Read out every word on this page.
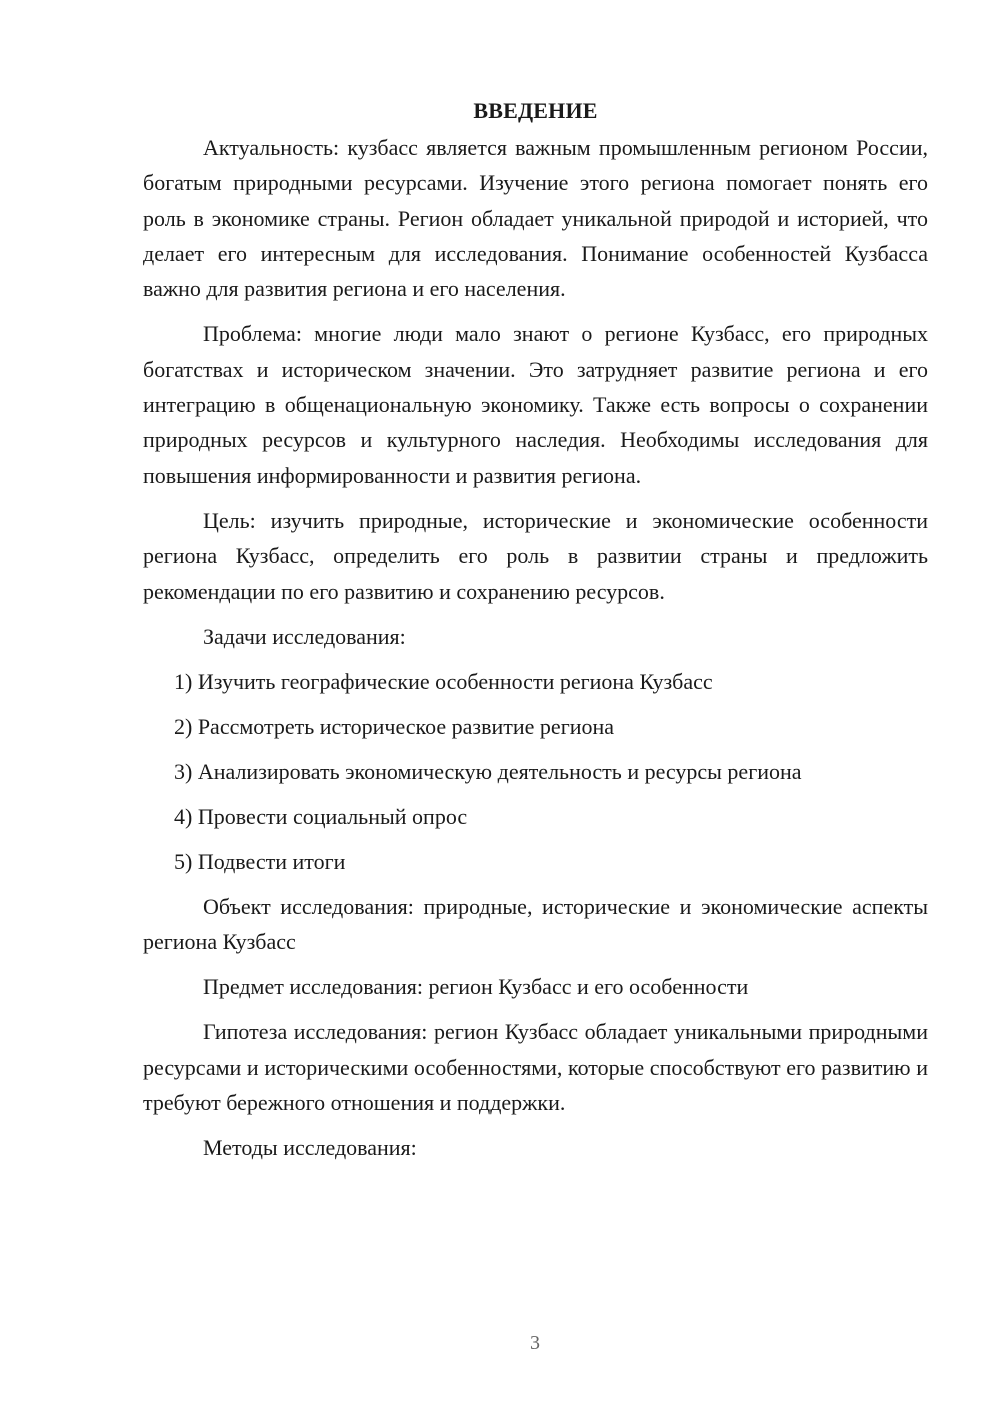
ВВЕДЕНИЕ

Актуальность: кузбасс является важным промышленным регионом России, богатым природными ресурсами. Изучение этого региона помогает понять его роль в экономике страны. Регион обладает уникальной природой и историей, что делает его интересным для исследования. Понимание особенностей Кузбасса важно для развития региона и его населения.

Проблема: многие люди мало знают о регионе Кузбасс, его природных богатствах и историческом значении. Это затрудняет развитие региона и его интеграцию в общенациональную экономику. Также есть вопросы о сохранении природных ресурсов и культурного наследия. Необходимы исследования для повышения информированности и развития региона.

Цель: изучить природные, исторические и экономические особенности региона Кузбасс, определить его роль в развитии страны и предложить рекомендации по его развитию и сохранению ресурсов.

Задачи исследования:
1) Изучить географические особенности региона Кузбасс
2) Рассмотреть историческое развитие региона
3) Анализировать экономическую деятельность и ресурсы региона
4) Провести социальный опрос
5) Подвести итоги

Объект исследования: природные, исторические и экономические аспекты региона Кузбасс

Предмет исследования: регион Кузбасс и его особенности

Гипотеза исследования: регион Кузбасс обладает уникальными природными ресурсами и историческими особенностями, которые способствуют его развитию и требуют бережного отношения и поддержки.

Методы исследования:
3
